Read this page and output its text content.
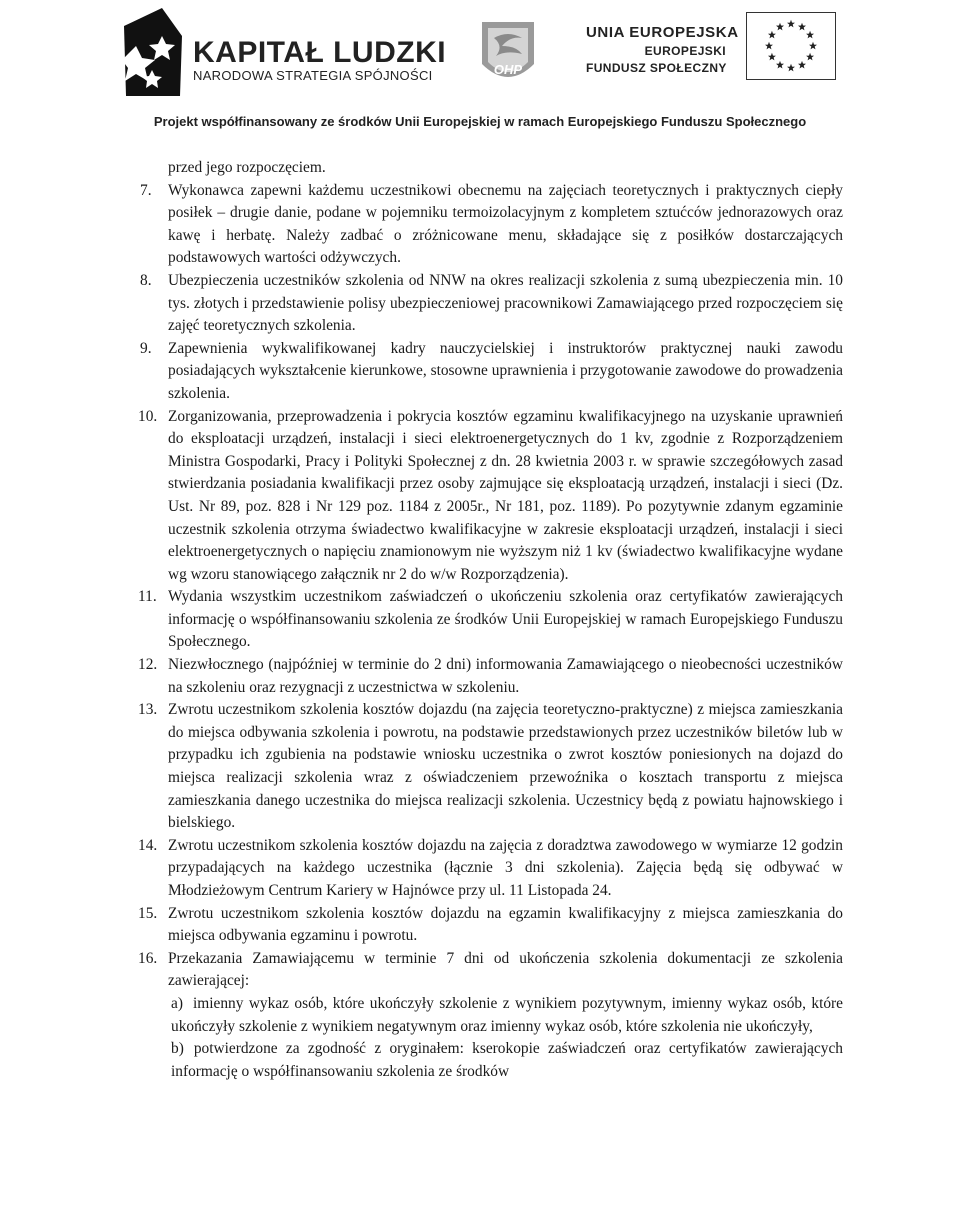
KAPITAŁ LUDZKI
NARODOWA STRATEGIA SPÓJNOŚCI	OHP
UNIA EUROPEJSKA
EUROPEJSKI
FUNDUSZ SPOŁECZNY
Projekt współfinansowany ze środków Unii Europejskiej w ramach Europejskiego Funduszu Społecznego
przed jego rozpoczęciem.
7. Wykonawca zapewni każdemu uczestnikowi obecnemu na zajęciach teoretycznych i praktycznych ciepły posiłek – drugie danie, podane w pojemniku termoizolacyjnym z kompletem sztućców jednorazowych oraz kawę i herbatę. Należy zadbać o zróżnicowane menu, składające się z posiłków dostarczających podstawowych wartości odżywczych.
8. Ubezpieczenia uczestników szkolenia od NNW na okres realizacji szkolenia z sumą ubezpieczenia min. 10 tys. złotych i przedstawienie polisy ubezpieczeniowej pracownikowi Zamawiającego przed rozpoczęciem się zajęć teoretycznych szkolenia.
9. Zapewnienia wykwalifikowanej kadry nauczycielskiej i instruktorów praktycznej nauki zawodu posiadających wykształcenie kierunkowe, stosowne uprawnienia i przygotowanie zawodowe do prowadzenia szkolenia.
10. Zorganizowania, przeprowadzenia i pokrycia kosztów egzaminu kwalifikacyjnego na uzyskanie uprawnień do eksploatacji urządzeń, instalacji i sieci elektroenergetycznych do 1 kv, zgodnie z Rozporządzeniem Ministra Gospodarki, Pracy i Polityki Społecznej z dn. 28 kwietnia 2003 r. w sprawie szczegółowych zasad stwierdzania posiadania kwalifikacji przez osoby zajmujące się eksploatacją urządzeń, instalacji i sieci (Dz. Ust. Nr 89, poz. 828 i Nr 129 poz. 1184 z 2005r., Nr 181, poz. 1189). Po pozytywnie zdanym egzaminie uczestnik szkolenia otrzyma świadectwo kwalifikacyjne w zakresie eksploatacji urządzeń, instalacji i sieci elektroenergetycznych o napięciu znamionowym nie wyższym niż 1 kv (świadectwo kwalifikacyjne wydane wg wzoru stanowiącego załącznik nr 2 do w/w Rozporządzenia).
11. Wydania wszystkim uczestnikom zaświadczeń o ukończeniu szkolenia oraz certyfikatów zawierających informację o współfinansowaniu szkolenia ze środków Unii Europejskiej w ramach Europejskiego Funduszu Społecznego.
12. Niezwłocznego (najpóźniej w terminie do 2 dni) informowania Zamawiającego o nieobecności uczestników na szkoleniu oraz rezygnacji z uczestnictwa w szkoleniu.
13. Zwrotu uczestnikom szkolenia kosztów dojazdu (na zajęcia teoretyczno-praktyczne) z miejsca zamieszkania do miejsca odbywania szkolenia i powrotu, na podstawie przedstawionych przez uczestników biletów lub w przypadku ich zgubienia na podstawie wniosku uczestnika o zwrot kosztów poniesionych na dojazd do miejsca realizacji szkolenia wraz z oświadczeniem przewoźnika o kosztach transportu z miejsca zamieszkania danego uczestnika do miejsca realizacji szkolenia. Uczestnicy będą z powiatu hajnowskiego i bielskiego.
14. Zwrotu uczestnikom szkolenia kosztów dojazdu na zajęcia z doradztwa zawodowego w wymiarze 12 godzin przypadających na każdego uczestnika (łącznie 3 dni szkolenia). Zajęcia będą się odbywać w Młodzieżowym Centrum Kariery w Hajnówce przy ul. 11 Listopada 24.
15. Zwrotu uczestnikom szkolenia kosztów dojazdu na egzamin kwalifikacyjny z miejsca zamieszkania do miejsca odbywania egzaminu i powrotu.
16. Przekazania Zamawiającemu w terminie 7 dni od ukończenia szkolenia dokumentacji ze szkolenia zawierającej:
a) imienny wykaz osób, które ukończyły szkolenie z wynikiem pozytywnym, imienny wykaz osób, które ukończyły szkolenie z wynikiem negatywnym oraz imienny wykaz osób, które szkolenia nie ukończyły,
b) potwierdzone za zgodność z oryginałem: kserokopie zaświadczeń oraz certyfikatów zawierających informację o współfinansowaniu szkolenia ze środków
